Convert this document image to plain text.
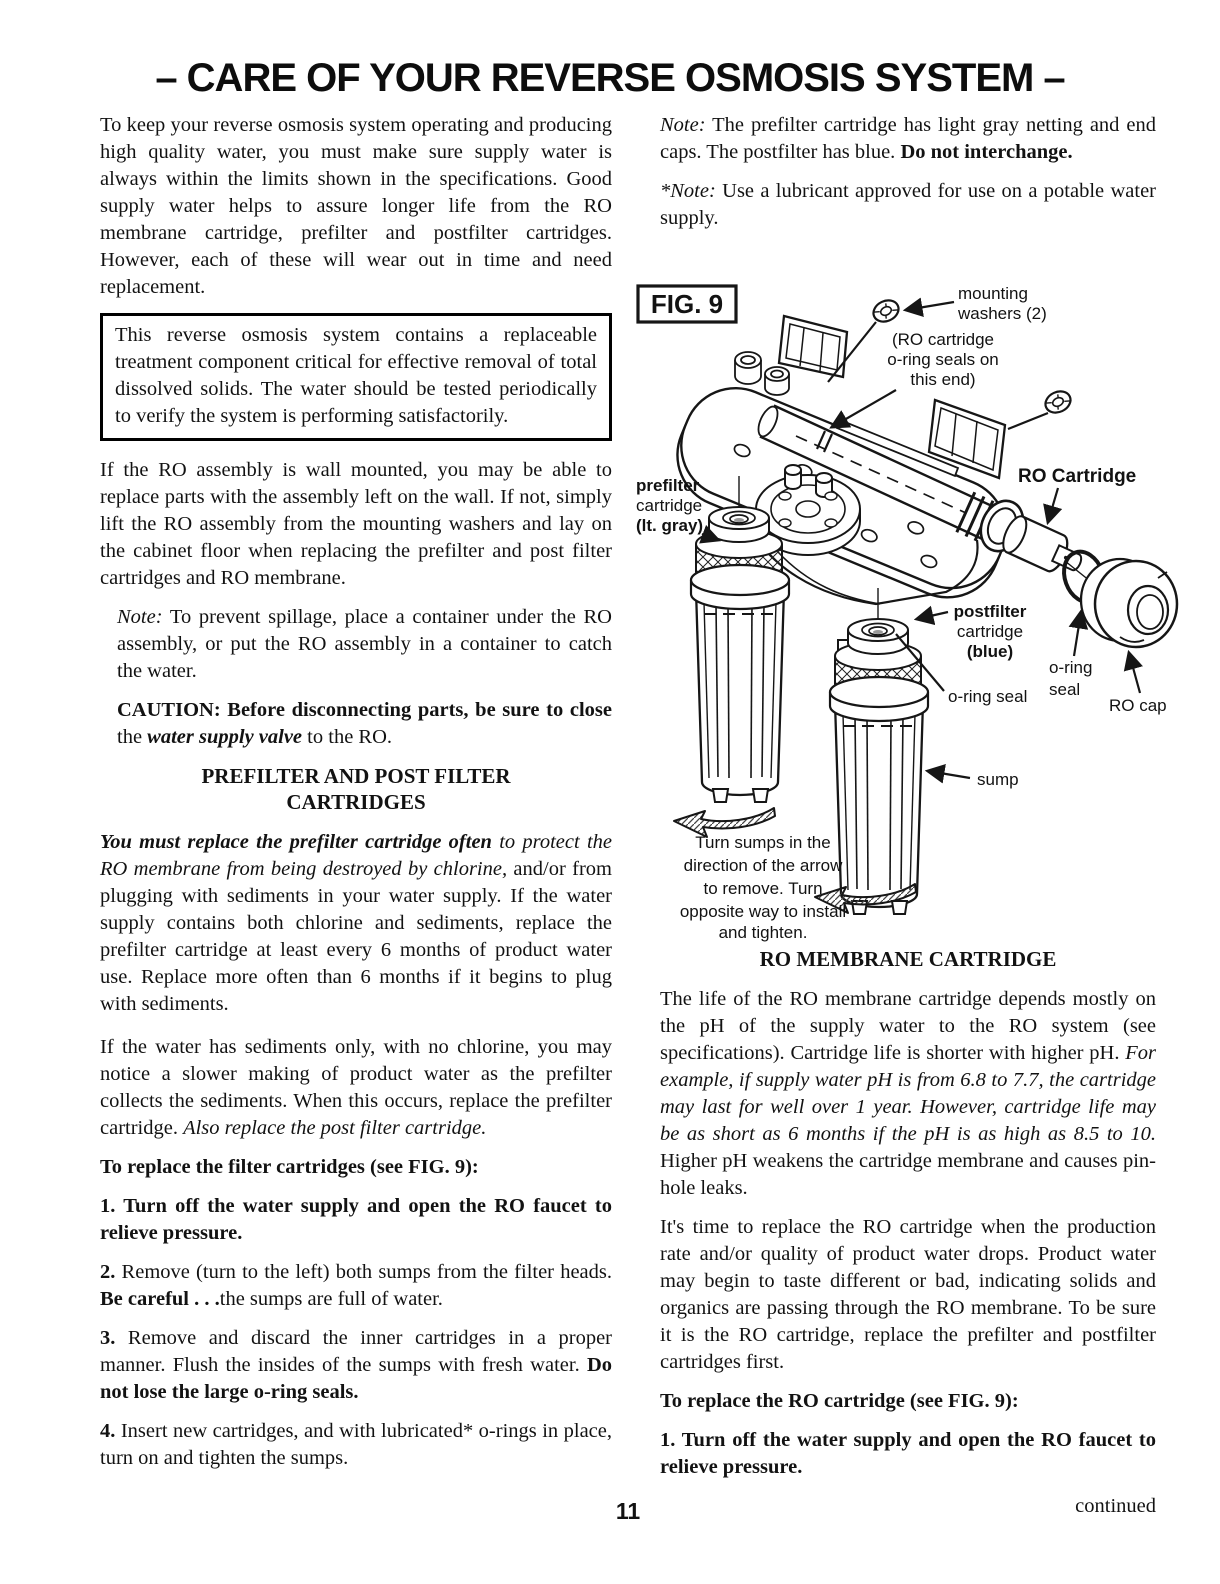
– CARE OF YOUR REVERSE OSMOSIS SYSTEM –

To keep your reverse osmosis system operating and producing high quality water, you must make sure supply water is always within the limits shown in the specifications. Good supply water helps to assure longer life from the RO membrane cartridge, prefilter and postfilter cartridges. However, each of these will wear out in time and need replacement.

This reverse osmosis system contains a replaceable treatment component critical for effective removal of total dissolved solids. The water should be tested periodically to verify the system is performing satisfactorily.

If the RO assembly is wall mounted, you may be able to replace parts with the assembly left on the wall. If not, simply lift the RO assembly from the mounting washers and lay on the cabinet floor when replacing the prefilter and post filter cartridges and RO membrane.

Note: To prevent spillage, place a container under the RO assembly, or put the RO assembly in a container to catch the water.

CAUTION: Before disconnecting parts, be sure to close the water supply valve to the RO.

PREFILTER AND POST FILTER
CARTRIDGES

You must replace the prefilter cartridge often to protect the RO membrane from being destroyed by chlorine, and/or from plugging with sediments in your water supply. If the water supply contains both chlorine and sediments, replace the prefilter cartridge at least every 6 months of product water use. Replace more often than 6 months if it begins to plug with sediments.

If the water has sediments only, with no chlorine, you may notice a slower making of product water as the prefilter collects the sediments. When this occurs, replace the prefilter cartridge. Also replace the post filter cartridge.

To replace the filter cartridges (see FIG. 9):

1. Turn off the water supply and open the RO faucet to relieve pressure.

2. Remove (turn to the left) both sumps from the filter heads. Be careful . . .the sumps are full of water.

3. Remove and discard the inner cartridges in a proper manner. Flush the insides of the sumps with fresh water. Do not lose the large o-ring seals.

4. Insert new cartridges, and with lubricated* o-rings in place, turn on and tighten the sumps.

Note: The prefilter cartridge has light gray netting and end caps. The postfilter has blue. Do not interchange.

*Note: Use a lubricant approved for use on a potable water supply.

FIG. 9	mounting
washers (2)
(RO cartridge
o-ring seals on
this end)
RO Cartridge
prefilter
cartridge
(lt. gray)
postfilter
cartridge
(blue)
o-ring seal
o-ring
seal
RO cap
sump
Turn sumps in the
direction of the arrow
to remove. Turn
opposite way to install
and tighten.
RO MEMBRANE CARTRIDGE

The life of the RO membrane cartridge depends mostly on the pH of the supply water to the RO system (see specifications). Cartridge life is shorter with higher pH. For example, if supply water pH is from 6.8 to 7.7, the cartridge may last for well over 1 year. However, cartridge life may be as short as 6 months if the pH is as high as 8.5 to 10. Higher pH weakens the cartridge membrane and causes pin-hole leaks.

It's time to replace the RO cartridge when the production rate and/or quality of product water drops. Product water may begin to taste different or bad, indicating solids and organics are passing through the RO membrane. To be sure it is the RO cartridge, replace the prefilter and postfilter cartridges first.

To replace the RO cartridge (see FIG. 9):

1. Turn off the water supply and open the RO faucet to relieve pressure.

continued

11
